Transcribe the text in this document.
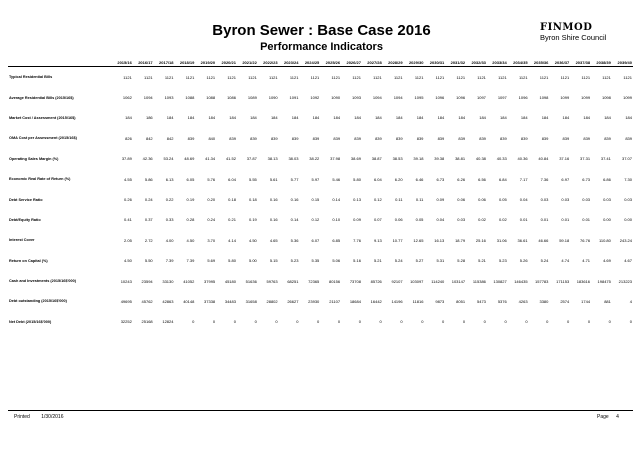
Byron Sewer : Base Case 2016
Performance Indicators
FINMOD
Byron Shire Council
	2015/16	2016/17	2017/18	2018/19	2019/20	2020/21	2021/22	2022/23	2023/24	2024/25	2025/26	2026/27	2027/28	2028/29	2029/30	2030/31	2031/32	2032/33	2033/34	2034/35	2035/36	2036/37	2037/38	2038/39	2039/40
Typical Residential Bills	1121	1121	1121	1121	1121	1121	1121	1121	1121	1121	1121	1121	1121	1121	1121	1121	1121	1121	1121	1121	1121	1121	1121	1121	1121
Average Residential Bills (2015/16$)	1062	1094	1093	1088	1088	1086	1089	1090	1091	1092	1090	1093	1094	1094	1095	1096	1096	1097	1097	1096	1098	1099	1099	1098	1099
Market Cost / Assessment (2015/16$)	184	186	184	184	184	184	184	184	184	184	184	184	184	184	184	184	184	184	184	184	184	184	184	184	184
OMA Cost per Assessment (2015/16$)	826	842	842	839	840	839	839	839	839	839	839	839	839	839	839	839	839	839	839	839	839	839	839	839	839
Operating Sales Margin (%)	37.89	42.36	53.24	48.69	41.34	41.52	37.87	38.13	38.03	38.22	37.98	38.69	38.87	38.53	39.18	39.38	38.81	40.38	40.33	40.36	40.84	37.16	37.31	37.41	37.07
Economic Real Rate of Return (%)	4.55	5.86	6.13	6.05	5.76	6.04	5.55	5.61	5.77	5.97	5.46	5.80	6.04	6.20	6.46	6.73	6.26	6.56	6.84	7.17	7.36	6.97	6.73	6.86	7.30
Debt Service Ratio	0.26	0.24	0.22	0.19	0.20	0.18	0.18	0.16	0.16	0.15	0.14	0.13	0.12	0.11	0.11	0.09	0.06	0.06	0.05	0.04	0.03	0.03	0.03	0.03	0.03
Debt/Equity Ratio	0.41	0.37	0.33	0.28	0.24	0.21	0.19	0.16	0.14	0.12	0.10	0.09	0.07	0.06	0.05	0.04	0.03	0.02	0.02	0.01	0.01	0.01	0.01	0.00	0.00
Interest Cover	2.05	2.72	4.00	4.50	3.70	4.14	4.50	4.65	5.36	6.07	6.85	7.76	9.13	10.77	12.65	16.13	18.79	25.16	31.06	36.61	46.66	59.18	76.76	110.80	243.24
Return on Capital (%)	4.50	5.50	7.39	7.39	5.69	5.80	5.00	5.15	5.23	5.35	5.06	5.16	5.21	5.24	5.27	5.31	5.28	5.21	5.23	5.26	5.24	4.74	4.71	4.69	4.67
Cash and Investments (2015/16$'000)	10243	23594	33130	41052	37995	45180	51636	59763	68251	72365	80156	73708	85726	92107	103097	114240	103147	115386	130827	146435	157783	171153	183616	198475	213223
Debt outstanding (2015/16$'000)	49695	45762	42863	40148	37338	34483	31658	28802	26627	23930	21107	18684	16442	14196	11816	9873	8051	5473	5376	4263	3380	2574	1744	881	4
Net Debt (2015/16$'000)	32252	25168	12824	0	0	0	0	0	0	0	0	0	0	0	0	0	0	0	0	0	0	0	0	0	0
Printed 1/30/2016	Page 4
